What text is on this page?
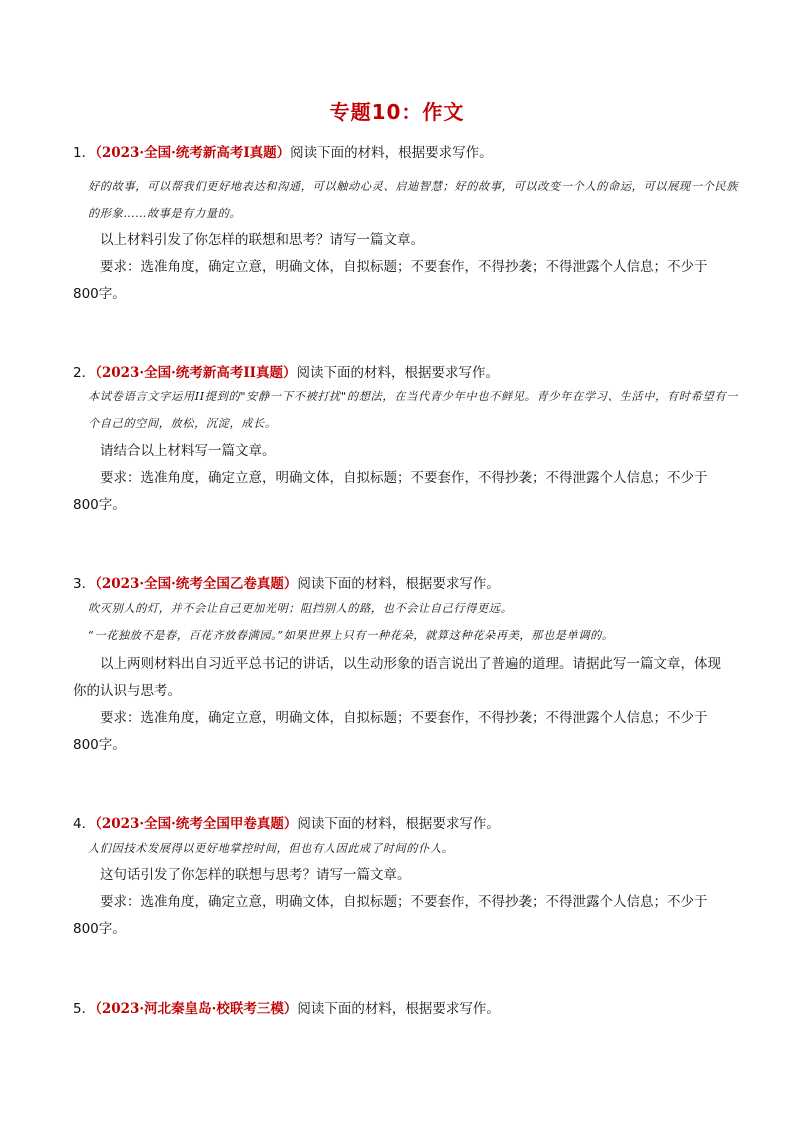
专题10：作文
1．（2023·全国·统考新高考I真题）阅读下面的材料，根据要求写作。
好的故事，可以帮我们更好地表达和沟通，可以触动心灵、启迪智慧；好的故事，可以改变一个人的命运，可以展现一个民族的形象……故事是有力量的。
以上材料引发了你怎样的联想和思考？请写一篇文章。
要求：选准角度，确定立意，明确文体，自拟标题；不要套作，不得抄袭；不得泄露个人信息；不少于800字。
2．（2023·全国·统考新高考II真题）阅读下面的材料，根据要求写作。
本试卷语言文字运用II提到的"安静一下不被打扰"的想法，在当代青少年中也不鲜见。青少年在学习、生活中，有时希望有一个自己的空间，放松，沉淀，成长。
请结合以上材料写一篇文章。
要求：选准角度，确定立意，明确文体，自拟标题；不要套作，不得抄袭；不得泄露个人信息；不少于800字。
3．（2023·全国·统考全国乙卷真题）阅读下面的材料，根据要求写作。
吹灭别人的灯，并不会让自己更加光明；阻挡别人的路，也不会让自己行得更远。
“一花独放不是春，百花齐放春满园。”如果世界上只有一种花朵，就算这种花朵再美，那也是单调的。
以上两则材料出自习近平总书记的讲话，以生动形象的语言说出了普遍的道理。请据此写一篇文章，体现你的认识与思考。
要求：选准角度，确定立意，明确文体，自拟标题；不要套作，不得抄袭；不得泄露个人信息；不少于800字。
4．（2023·全国·统考全国甲卷真题）阅读下面的材料，根据要求写作。
人们因技术发展得以更好地掌控时间，但也有人因此成了时间的仆人。
这句话引发了你怎样的联想与思考？请写一篇文章。
要求：选准角度，确定立意，明确文体，自拟标题；不要套作，不得抄袭；不得泄露个人信息；不少于800字。
5．（2023·河北秦皇岛·校联考三模）阅读下面的材料，根据要求写作。
